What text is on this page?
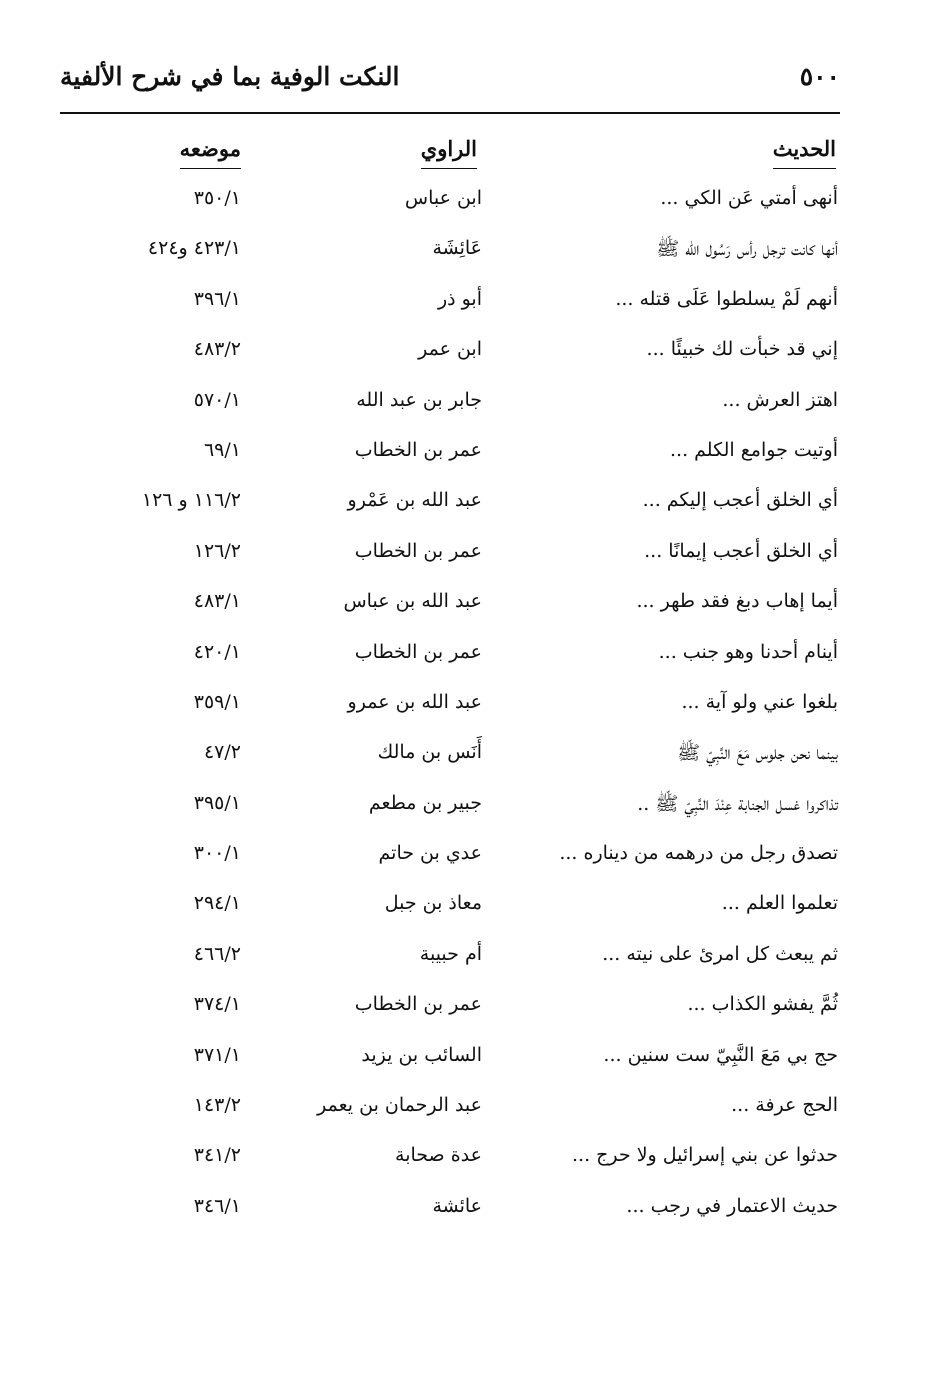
٥٠٠
النكت الوفية بما في شرح الألفية
الحديث
الراوي
موضعه
أنهى أمتي عَن الكي ...
ابن عباس
٣٥٠/١
أنها كانت ترجل رأس رَسُول الله ﷺ
عَائِشَة
٤٢٣/١ و٤٢٤
أنهم لَمْ يسلطوا عَلَى قتله ...
أبو ذر
٣٩٦/١
إني قد خبأت لك خبيئًا ...
ابن عمر
٤٨٣/٢
اهتز العرش ...
جابر بن عبد الله
٥٧٠/١
أوتيت جوامع الكلم ...
عمر بن الخطاب
٦٩/١
أي الخلق أعجب إليكم ...
عبد الله بن عَمْرو
١١٦/٢ و ١٢٦
أي الخلق أعجب إيمانًا ...
عمر بن الخطاب
١٢٦/٢
أيما إهاب دبغ فقد طهر ...
عبد الله بن عباس
٤٨٣/١
أينام أحدنا وهو جنب ...
عمر بن الخطاب
٤٢٠/١
بلغوا عني ولو آية ...
عبد الله بن عمرو
٣٥٩/١
بينما نحن جلوس مَعَ النَّبِيّ ﷺ
أَنَس بن مالك
٤٧/٢
تذاكروا غسل الجنابة عِنْدَ النَّبِيّ ﷺ ..
جبير بن مطعم
٣٩٥/١
تصدق رجل من درهمه من ديناره ...
عدي بن حاتم
٣٠٠/١
تعلموا العلم ...
معاذ بن جبل
٢٩٤/١
ثم يبعث كل امرئ على نيته ...
أم حبيبة
٤٦٦/٢
ثُمَّ يفشو الكذاب ...
عمر بن الخطاب
٣٧٤/١
حج بي مَعَ النَّبِيّ ست سنين ...
السائب بن يزيد
٣٧١/١
الحج عرفة ...
عبد الرحمان بن يعمر
١٤٣/٢
حدثوا عن بني إسرائيل ولا حرج ...
عدة صحابة
٣٤١/٢
حديث الاعتمار في رجب ...
عائشة
٣٤٦/١
